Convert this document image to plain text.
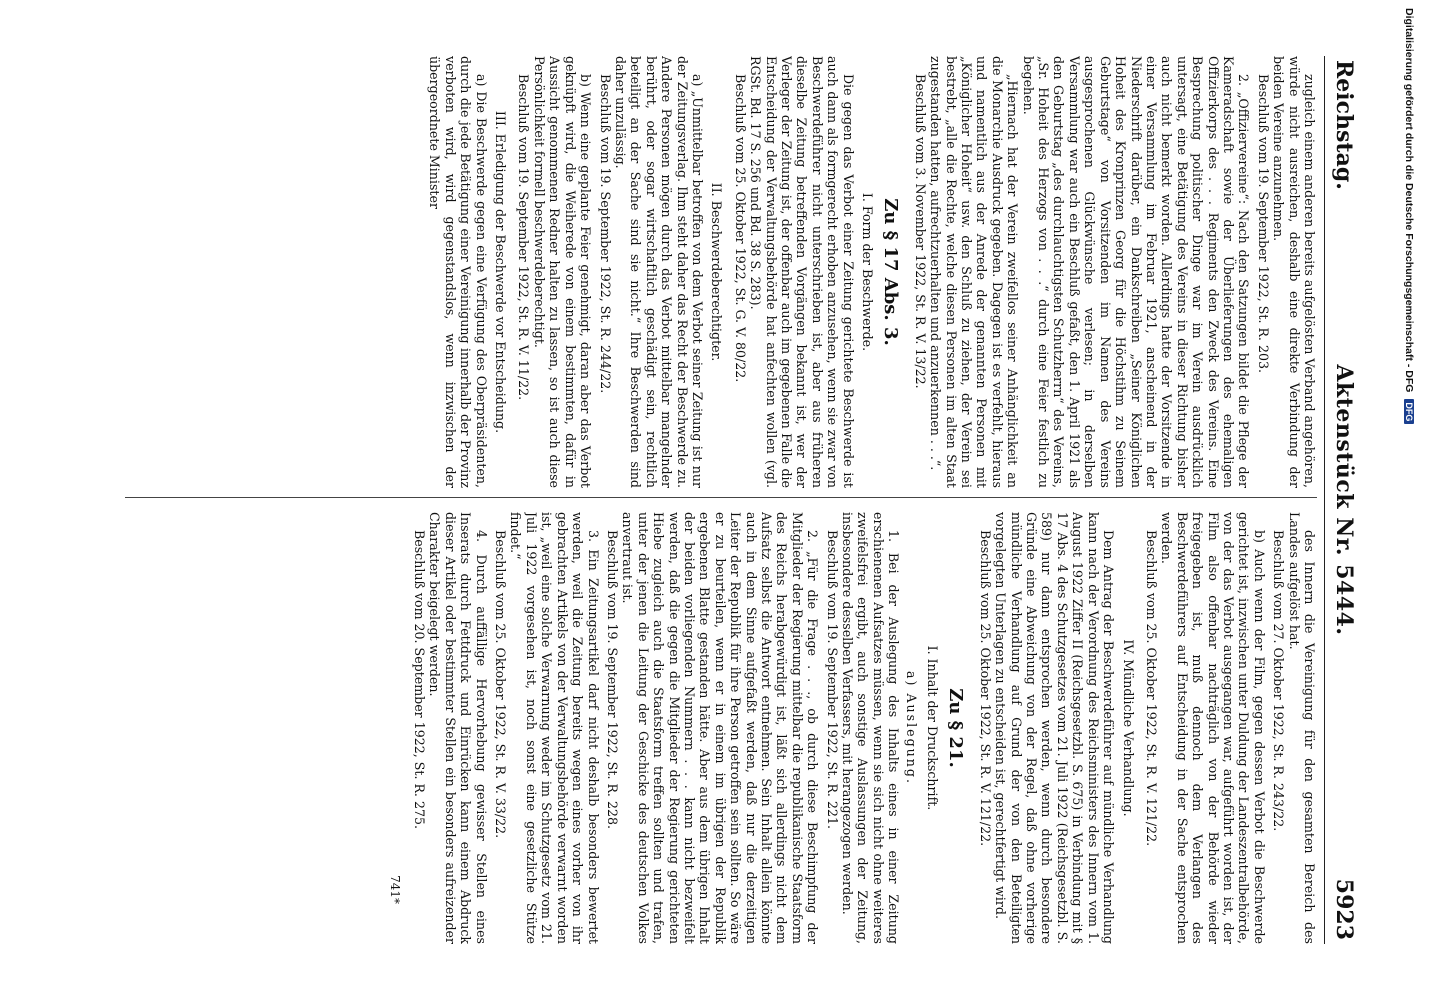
Digitalisierung gefördert durch die Deutsche Forschungsgemeinschaft - DFG DFG
Reichstag.
Aktenstück Nr. 5444.
5923

zugleich einem anderen bereits aufgelösten Verband angehören, würde nicht ausreichen, deshalb eine direkte Verbindung der beiden Vereine anzunehmen.

Beschluß vom 19. September 1922, St. R. 203.

2. „Offiziervereine“: Nach den Satzungen bildet die Pflege der Kameradschaft sowie der Überlieferungen des ehemaligen Offizierkorps des . . . Regiments den Zweck des Vereins. Eine Besprechung politischer Dinge war im Verein ausdrücklich untersagt, eine Betätigung des Vereins in dieser Richtung bisher auch nicht bemerkt worden. Allerdings hatte der Vorsitzende in einer Versammlung im Februar 1921, anscheinend in der Niederschrift darüber, ein Dankschreiben „Seiner Königlichen Hoheit des Kronprinzen Georg für die Höchstihm zu Seinem Geburtstage“ von Vorsitzenden im Namen des Vereins ausgesprochenen Glückwünsche verlesen; in derselben Versammlung war auch ein Beschluß gefaßt, den 1. April 1921 als den Geburtstag „des durchlauchtigsten Schutzherrn“ des Vereins, „Sr. Hoheit des Herzogs von . . .“ durch eine Feier festlich zu begehen.

„Hiernach hat der Verein zweifellos seiner Anhänglichkeit an die Monarchie Ausdruck gegeben. Dagegen ist es verfehlt, hieraus und namentlich aus der Anrede der genannten Personen mit „Königlicher Hoheit“ usw. den Schluß zu ziehen, der Verein sei bestrebt, „alle die Rechte, welche diesen Personen im alten Staat zugestanden hatten, aufrechtzuerhalten und anzuerkennen . . .“.

Beschluß vom 3. November 1922, St. R. V. 13/22.

Zu § 17 Abs. 3.

I. Form der Beschwerde.

Die gegen das Verbot einer Zeitung gerichtete Beschwerde ist auch dann als formgerecht erhoben anzusehen, wenn sie zwar von Beschwerdeführer nicht unterschrieben ist, aber aus früheren dieselbe Zeitung betreffenden Vorgängen bekannt ist, wer der Verleger der Zeitung ist, der offenbar auch im gegebenen Falle die Entscheidung der Verwaltungsbehörde hat anfechten wollen (vgl. RGSt. Bd. 17 S. 256 und Bd. 38 S. 283).

Beschluß vom 25. Oktober 1922, St. G. V. 80/22.

II. Beschwerdeberechtigter.

a) „Unmittelbar betroffen von dem Verbot seiner Zeitung ist nur der Zeitungsverlag. Ihm steht daher das Recht der Beschwerde zu. Andere Personen mögen durch das Verbot mittelbar mangelnder berührt, oder sogar wirtschaftlich geschädigt sein, rechtlich beteiligt an der Sache sind sie nicht.“ Ihre Beschwerden sind daher unzulässig.

Beschluß vom 19. September 1922, St. R. 244/22.

b) Wenn eine geplante Feier genehmigt, daran aber das Verbot geknüpft wird, die Weiherede von einem bestimmten, dafür in Aussicht genommenen Redner halten zu lassen, so ist auch diese Persönlichkeit formell beschwerdeberechtigt.

Beschluß vom 19. September 1922, St. R. V. 11/22.

III. Erledigung der Beschwerde vor Entscheidung.

a) Die Beschwerde gegen eine Verfügung des Oberpräsidenten, durch die jede Betätigung einer Vereinigung innerhalb der Provinz verboten wird, wird gegenstandslos, wenn inzwischen der übergeordnete Minister

des Innern die Vereinigung für den gesamten Bereich des Landes aufgelöst hat.

Beschluß vom 27. Oktober 1922, St. R. 243/22.

b) Auch wenn der Film, gegen dessen Verbot die Beschwerde gerichtet ist, inzwischen unter Duldung der Landeszentralbehörde, von der das Verbot ausgegangen war, aufgeführt worden ist, der Film also offenbar nachträglich von der Behörde wieder freigegeben ist, muß dennoch dem Verlangen des Beschwerdeführers auf Entscheidung in der Sache entsprochen werden.

Beschluß vom 25. Oktober 1922, St. R. V. 121/22.

IV. Mündliche Verhandlung.

Dem Antrag der Beschwerdeführer auf mündliche Verhandlung kann nach der Verordnung des Reichsministers des Innern vom 1. August 1922 Ziffer II (Reichsgesetzbl. S. 675) in Verbindung mit § 17 Abs. 4 des Schutzgesetzes vom 21. Juli 1922 (Reichsgesetzbl. S. 589) nur dann entsprochen werden, wenn durch besondere Gründe eine Abweichung von der Regel, daß ohne vorherige mündliche Verhandlung auf Grund der von den Beteiligten vorgelegten Unterlagen zu entscheiden ist, gerechtfertigt wird.

Beschluß vom 25. Oktober 1922, St. R. V. 121/22.

Zu § 21.

I. Inhalt der Druckschrift.

a) Auslegung.

1. Bei der Auslegung des Inhalts eines in einer Zeitung erschienenen Aufsatzes müssen, wenn sie sich nicht ohne weiteres zweifelsfrei ergibt, auch sonstige Auslassungen der Zeitung, insbesondere desselben Verfassers, mit herangezogen werden.

Beschluß vom 19. September 1922, St. R. 221.

2. „Für die Frage . . ., ob durch diese Beschimpfung der Mitglieder der Regierung mittelbar die republikanische Staatsform des Reichs herabgewürdigt ist, läßt sich allerdings nicht dem Aufsatz selbst die Antwort entnehmen. Sein Inhalt allein könnte auch in dem Sinne aufgefaßt werden, daß nur die derzeitigen Leiter der Republik für ihre Person getroffen sein sollten. So wäre er zu beurteilen, wenn er in einem im übrigen der Republik ergebenen Blatte gestanden hätte. Aber aus dem übrigen Inhalt der beiden vorliegenden Nummern . . . kann nicht bezweifelt werden, daß die gegen die Mitglieder der Regierung gerichteten Hiebe zugleich auch die Staatsform treffen sollten und trafen, unter der jenen die Leitung der Geschicke des deutschen Volkes anvertraut ist.

Beschluß vom 19. September 1922, St. R. 228.

3. Ein Zeitungsartikel darf nicht deshalb besonders bewertet werden, weil die Zeitung bereits wegen eines vorher von ihr gebrachten Artikels von der Verwaltungsbehörde verwarnt worden ist, „weil eine solche Verwarnung weder im Schutzgesetz vom 21. Juli 1922 vorgesehen ist, noch sonst eine gesetzliche Stütze findet.“

Beschluß vom 25. Oktober 1922, St. R. V. 33/22.

4. Durch auffällige Hervorhebung gewisser Stellen eines Inserats durch Fettdruck und Einrücken kann einem Abdruck dieser Artikel oder bestimmter Stellen ein besonders aufreizender Charakter beigelegt werden.

Beschluß vom 20. September 1922, St. R. 275.

741*
